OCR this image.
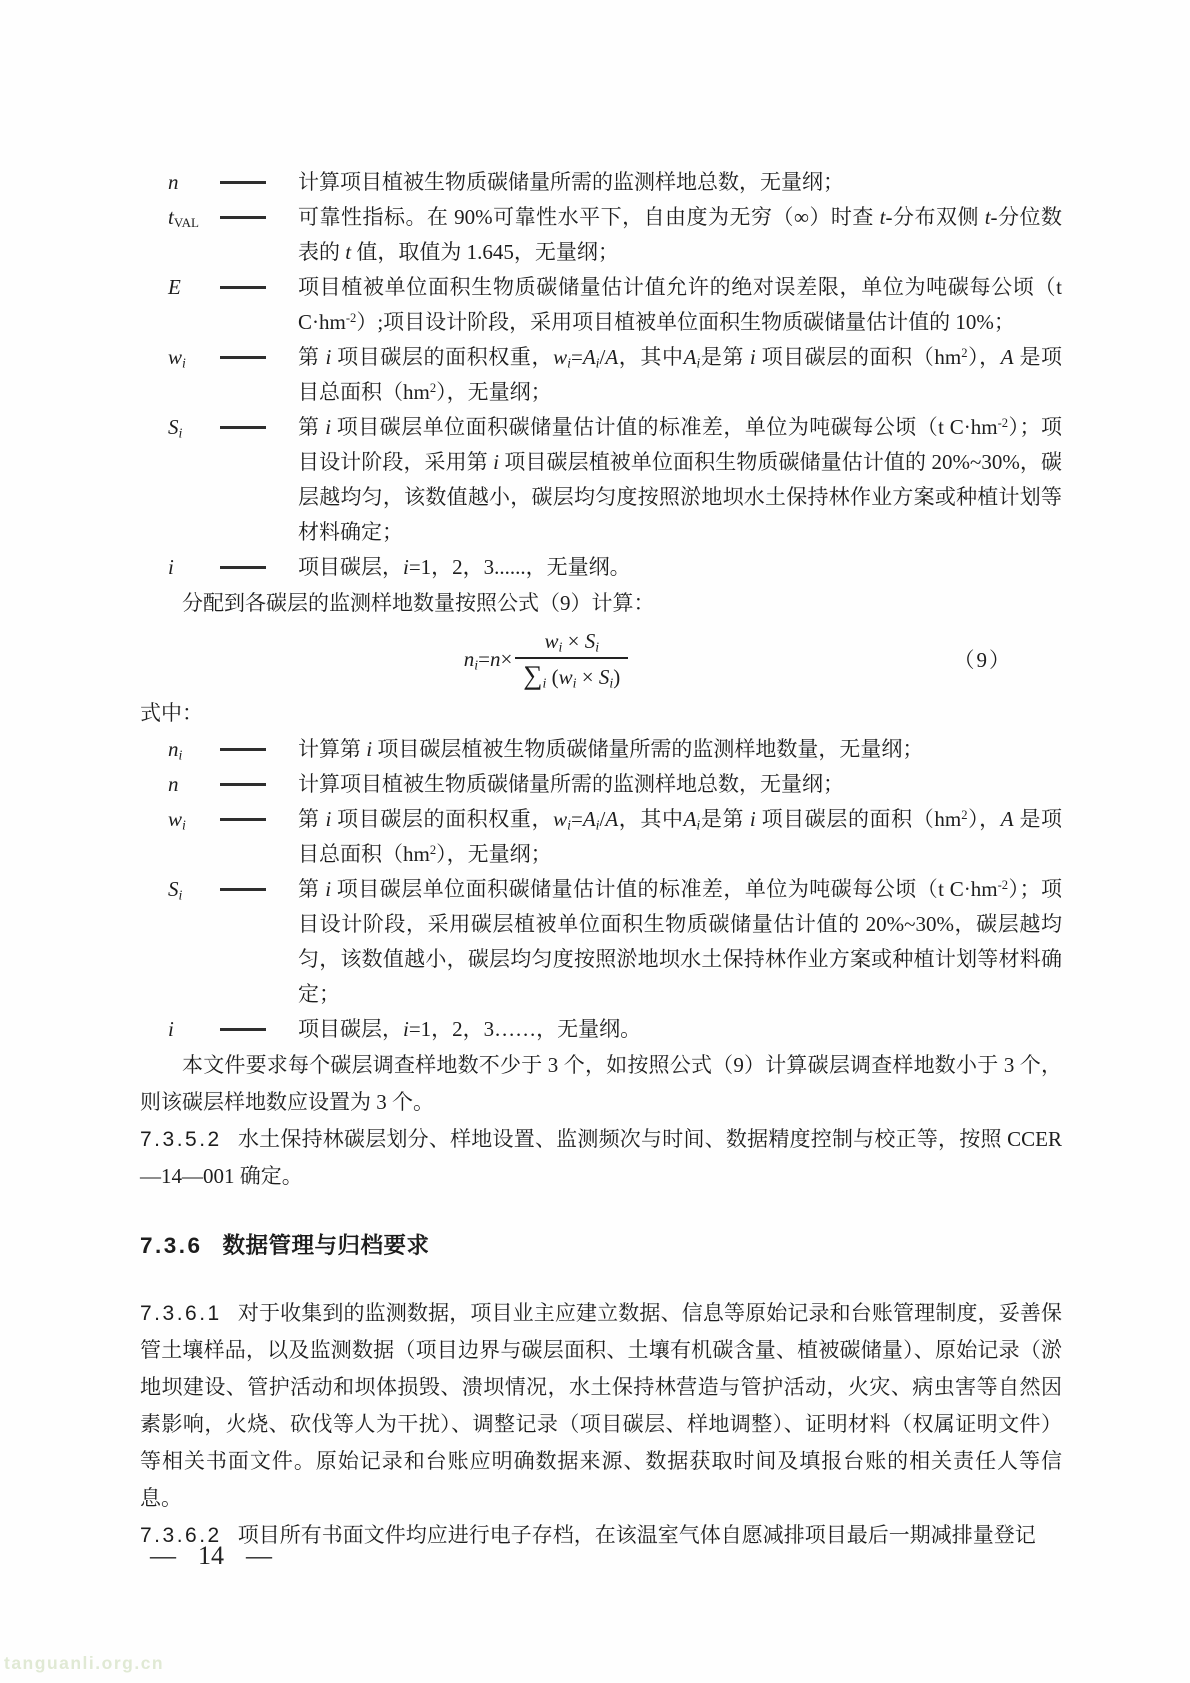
n	计算项目植被生物质碳储量所需的监测样地总数，无量纲；
tVAL	可靠性指标。在 90%可靠性水平下，自由度为无穷（∞）时查 t-分布双侧 t-分位数表的 t 值，取值为 1.645，无量纲；
E	项目植被单位面积生物质碳储量估计值允许的绝对误差限，单位为吨碳每公顷（t $C\cdot hm^{-2}$）;项目设计阶段，采用项目植被单位面积生物质碳储量估计值的 10%；
wi	第 i 项目碳层的面积权重，wi=Ai/A，其中Ai是第 i 项目碳层的面积$(hm^2)$，A 是项目总面积$(hm^2)$，无量纲；
Si	第 i 项目碳层单位面积碳储量估计值的标准差，单位为吨碳每公顷（t $C\cdot hm^{-2}$）；项目设计阶段，采用第 i 项目碳层植被单位面积生物质碳储量估计值的 20%~30%，碳层越均匀，该数值越小，碳层均匀度按照淤地坝水土保持林作业方案或种植计划等材料确定；
i	项目碳层，i=1，2，3......，无量纲。

分配到各碳层的监测样地数量按照公式（9）计算：

$ni=n\times \frac{wi \times Si}{\sum i (wi \times Si)}$	（9）

式中：

ni	计算第 i 项目碳层植被生物质碳储量所需的监测样地数量，无量纲；
n	计算项目植被生物质碳储量所需的监测样地总数，无量纲；
wi	第 i 项目碳层的面积权重，wi=Ai/A，其中Ai是第 i 项目碳层的面积$(hm^2)$，A 是项目总面积$(hm^2)$，无量纲；
Si	第 i 项目碳层单位面积碳储量估计值的标准差，单位为吨碳每公顷（t $C\cdot hm^{-2}$）；项目设计阶段，采用碳层植被单位面积生物质碳储量估计值的 20%~30%，碳层越均匀，该数值越小，碳层均匀度按照淤地坝水土保持林作业方案或种植计划等材料确定；
i	项目碳层，i=1，2，3……，无量纲。

本文件要求每个碳层调查样地数不少于 3 个，如按照公式（9）计算碳层调查样地数小于 3 个，则该碳层样地数应设置为 3 个。

7.3.5.2 水土保持林碳层划分、样地设置、监测频次与时间、数据精度控制与校正等，按照 CCER—14—001 确定。

7.3.6 数据管理与归档要求

7.3.6.1 对于收集到的监测数据，项目业主应建立数据、信息等原始记录和台账管理制度，妥善保管土壤样品，以及监测数据（项目边界与碳层面积、土壤有机碳含量、植被碳储量）、原始记录（淤地坝建设、管护活动和坝体损毁、溃坝情况，水土保持林营造与管护活动，火灾、病虫害等自然因素影响，火烧、砍伐等人为干扰）、调整记录（项目碳层、样地调整）、证明材料（权属证明文件）等相关书面文件。原始记录和台账应明确数据来源、数据获取时间及填报台账的相关责任人等信息。

7.3.6.2 项目所有书面文件均应进行电子存档，在该温室气体自愿减排项目最后一期减排量登记

— 14 —
tanguanli.org.cn
